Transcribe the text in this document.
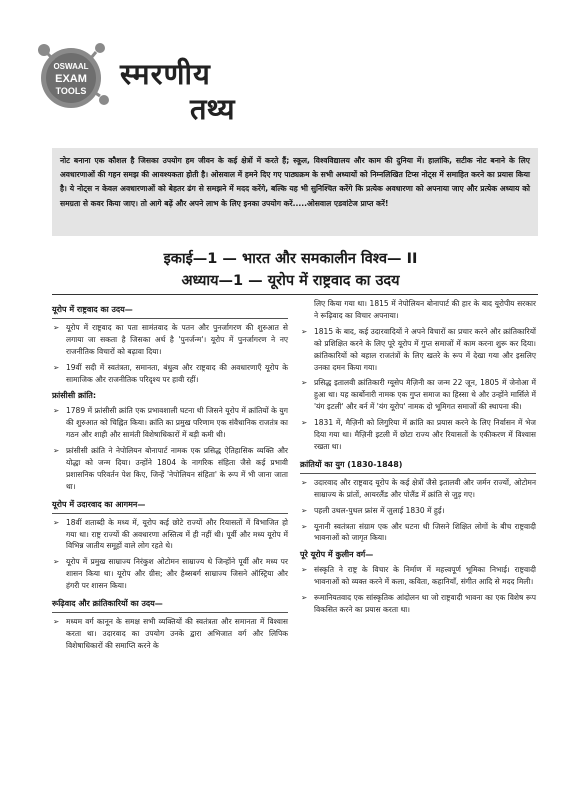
OSWAAL
EXAM
TOOLS स्मरणीय
तथ्य
नोट बनाना एक कौशल है जिसका उपयोग हम जीवन के कई क्षेत्रों में करते हैं; स्कूल, विश्वविद्यालय और काम की दुनिया में। हालांकि, सटीक नोट बनाने के लिए अवधारणाओं की गहन समझ की आवश्यकता होती है। ओसवाल में हमने दिए गए पाठ्यक्रम के सभी अध्यायों को निम्नलिखित टिप्स नोट्स में समाहित करने का प्रयास किया है। ये नोट्स न केवल अवधारणाओं को बेहतर ढंग से समझने में मदद करेंगे, बल्कि यह भी सुनिश्चित करेंगे कि प्रत्येक अवधारणा को अपनाया जाए और प्रत्येक अध्याय को समग्रता से कवर किया जाए। तो आगे बढ़ें और अपने लाभ के लिए इनका उपयोग करें.....ओसवाल एडवांटेज प्राप्त करें!
इकाई—1 — भारत और समकालीन विश्व— II
अध्याय—1 — यूरोप में राष्ट्रवाद का उदय
यूरोप में राष्ट्रवाद का उदय—
➢ यूरोप में राष्ट्रवाद का पता सामंतवाद के पतन और पुनर्जागरण की शुरुआत से लगाया जा सकता है जिसका अर्थ है 'पुनर्जन्म'। यूरोप में पुनर्जागरण ने नए राजनीतिक विचारों को बढ़ावा दिया।
➢ 19वीं सदी में स्वतंत्रता, समानता, बंधुत्व और राष्ट्रवाद की अवधारणाएँ यूरोप के सामाजिक और राजनीतिक परिदृश्य पर हावी रहीं।
फ्रांसीसी क्रांति:
➢ 1789 में फ्रांसीसी क्रांति एक प्रभावशाली घटना थी जिसने यूरोप में क्रांतियों के युग की शुरुआत को चिह्नित किया। क्रांति का प्रमुख परिणाम एक संवैधानिक राजतंत्र का गठन और शाही और सामंती विशेषाधिकारों में बड़ी कमी थी।
➢ फ्रांसीसी क्रांति ने नेपोलियन बोनापार्ट नामक एक प्रसिद्ध ऐतिहासिक व्यक्ति और योद्धा को जन्म दिया। उन्होंने 1804 के नागरिक संहिता जैसे कई प्रभावी प्रशासनिक परिवर्तन पेश किए, जिन्हें 'नेपोलियन संहिता' के रूप में भी जाना जाता था।
यूरोप में उदारवाद का आगमन—
➢ 18वीं शताब्दी के मध्य में, यूरोप कई छोटे राज्यों और रियासतों में विभाजित हो गया था। राष्ट्र राज्यों की अवधारणा अस्तित्व में ही नहीं थी। पूर्वी और मध्य यूरोप में विभिन्न जातीय समूहों वाले लोग रहते थे।
➢ यूरोप में प्रमुख साम्राज्य निरंकुश ओटोमन साम्राज्य थे जिन्होंने पूर्वी और मध्य पर शासन किया था। यूरोप और ग्रीस; और हैब्सबर्ग साम्राज्य जिसने ऑस्ट्रिया और हंगरी पर शासन किया।
रूढ़िवाद और क्रांतिकारियों का उदय—
➢ मध्यम वर्ग कानून के समक्ष सभी व्यक्तियों की स्वतंत्रता और समानता में विश्वास करता था। उदारवाद का उपयोग उनके द्वारा अभिजात वर्ग और लिपिक विशेषाधिकारों की समाप्ति करने के
लिए किया गया था। 1815 में नेपोलियन बोनापार्ट की हार के बाद यूरोपीय सरकार ने रूढ़िवाद का विचार अपनाया।
➢ 1815 के बाद, कई उदारवादियों ने अपने विचारों का प्रचार करने और क्रांतिकारियों को प्रशिक्षित करने के लिए पूरे यूरोप में गुप्त समाजों में काम करना शुरू कर दिया। क्रांतिकारियों को बहाल राजतंत्रों के लिए खतरे के रूप में देखा गया और इसलिए उनका दमन किया गया।
➢ प्रसिद्ध इतालवी क्रांतिकारी ग्यूसेप मैज़िनी का जन्म 22 जून, 1805 में जेनोआ में हुआ था। यह कार्बोनारी नामक एक गुप्त समाज का हिस्सा थे और उन्होंने मार्सिले में 'यंग इटली' और बर्न में 'यंग यूरोप' नामक दो भूमिगत समाजों की स्थापना की।
➢ 1831 में, मैज़िनी को लिगुरिया में क्रांति का प्रयास करने के लिए निर्वासन में भेज दिया गया था। मैज़िनी इटली में छोटा राज्य और रियासतों के एकीकरण में विश्वास रखता था।
क्रांतियों का युग (1830-1848)
➢ उदारवाद और राष्ट्रवाद यूरोप के कई क्षेत्रों जैसे इतालवी और जर्मन राज्यों, ओटोमन साम्राज्य के प्रांतों, आयरलैंड और पोलैंड में क्रांति से जुड़ गए।
➢ पहली उथल-पुथल फ्रांस में जुलाई 1830 में हुई।
➢ यूनानी स्वतंत्रता संग्राम एक और घटना थी जिसने शिक्षित लोगों के बीच राष्ट्रवादी भावनाओं को जागृत किया।
पूरे यूरोप में कुलीन वर्ग—
➢ संस्कृति ने राष्ट्र के विचार के निर्माण में महत्त्वपूर्ण भूमिका निभाई। राष्ट्रवादी भावनाओं को व्यक्त करने में कला, कविता, कहानियाँ, संगीत आदि से मदद मिली।
➢ रूमानियतवाद एक सांस्कृतिक आंदोलन था जो राष्ट्रवादी भावना का एक विशेष रूप विकसित करने का प्रयास करता था।
